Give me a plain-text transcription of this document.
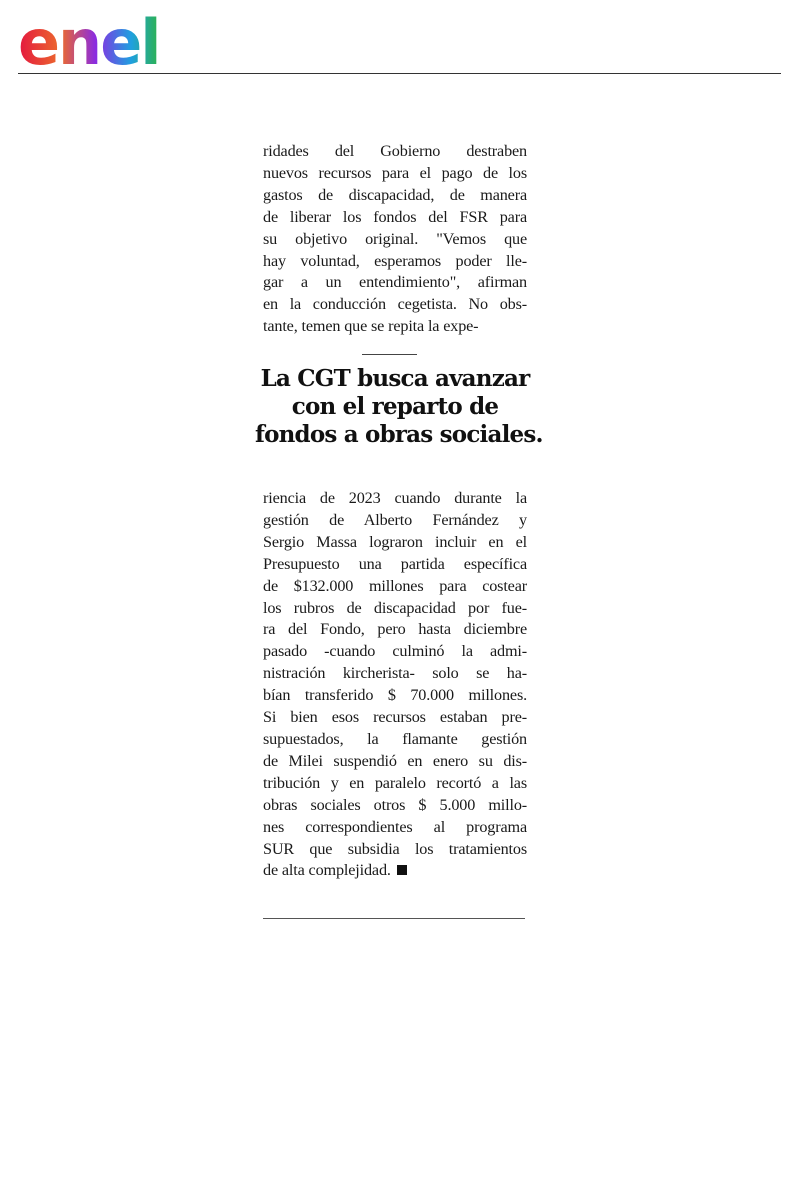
enel
ridades del Gobierno destraben
nuevos recursos para el pago de los
gastos de discapacidad, de manera
de liberar los fondos del FSR para
su objetivo original. "Vemos que
hay voluntad, esperamos poder lle-
gar a un entendimiento", afirman
en la conducción cegetista. No obs-
tante, temen que se repita la expe-
La CGT busca avanzar
con el reparto de
fondos a obras sociales.
riencia de 2023 cuando durante la
gestión de Alberto Fernández y
Sergio Massa lograron incluir en el
Presupuesto una partida específica
de $132.000 millones para costear
los rubros de discapacidad por fue-
ra del Fondo, pero hasta diciembre
pasado -cuando culminó la admi-
nistración kircherista- solo se ha-
bían transferido $ 70.000 millones.
Si bien esos recursos estaban pre-
supuestados, la flamante gestión
de Milei suspendió en enero su dis-
tribución y en paralelo recortó a las
obras sociales otros $ 5.000 millo-
nes correspondientes al programa
SUR que subsidia los tratamientos
de alta complejidad.
